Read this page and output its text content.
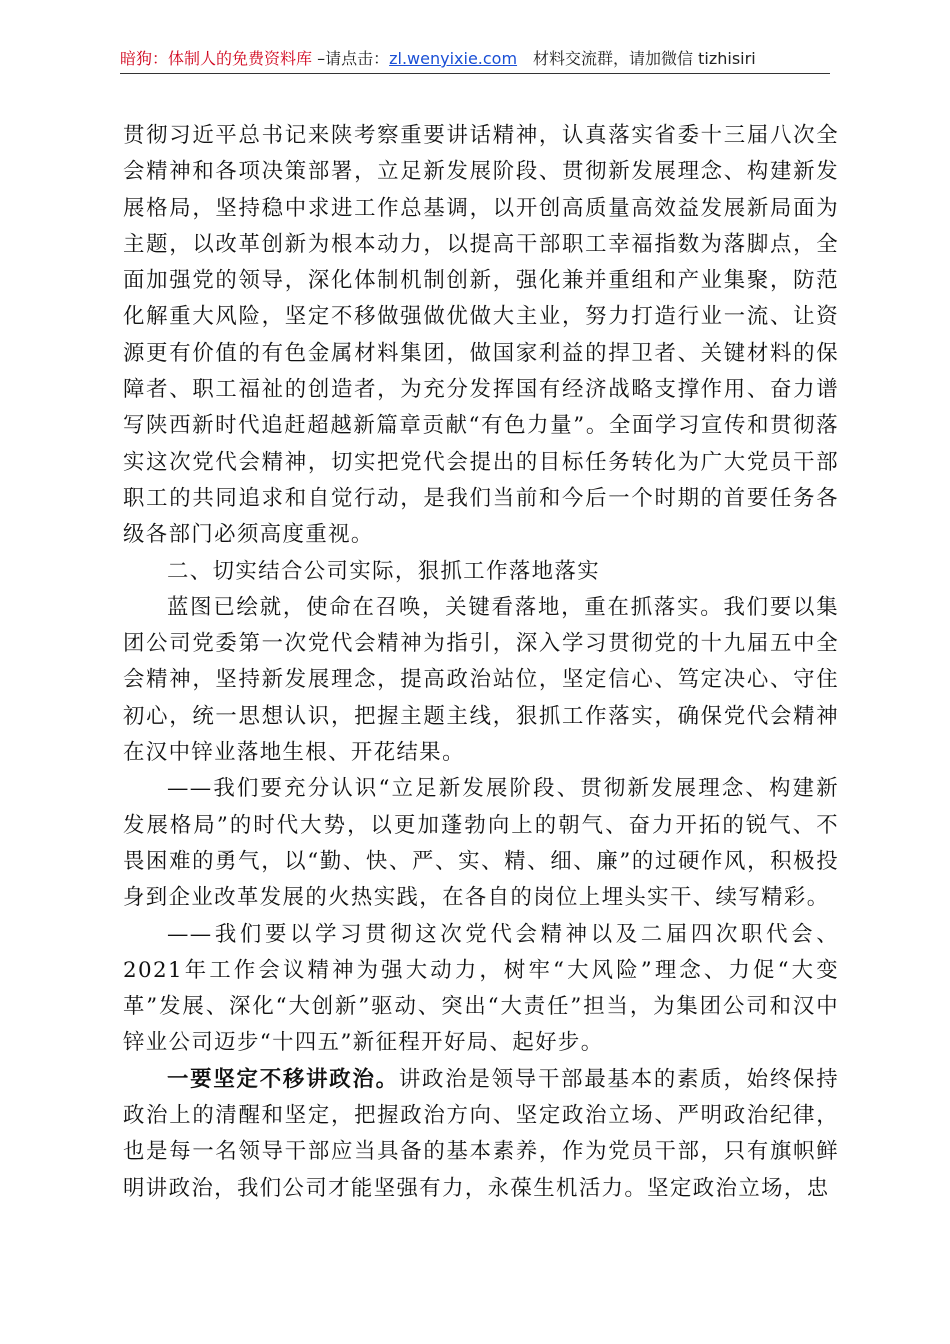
暗狗：体制人的免费资料库 –请点击：zl.wenyixie.com 材料交流群，请加微信 tizhisiri

贯彻习近平总书记来陕考察重要讲话精神，认真落实省委十三届八次全会精神和各项决策部署，立足新发展阶段、贯彻新发展理念、构建新发展格局，坚持稳中求进工作总基调，以开创高质量高效益发展新局面为主题，以改革创新为根本动力，以提高干部职工幸福指数为落脚点，全面加强党的领导，深化体制机制创新，强化兼并重组和产业集聚，防范化解重大风险，坚定不移做强做优做大主业，努力打造行业一流、让资源更有价值的有色金属材料集团，做国家利益的捍卫者、关键材料的保障者、职工福祉的创造者，为充分发挥国有经济战略支撑作用、奋力谱写陕西新时代追赶超越新篇章贡献“有色力量”。全面学习宣传和贯彻落实这次党代会精神，切实把党代会提出的目标任务转化为广大党员干部职工的共同追求和自觉行动，是我们当前和今后一个时期的首要任务各级各部门必须高度重视。

二、切实结合公司实际，狠抓工作落地落实

蓝图已绘就，使命在召唤，关键看落地，重在抓落实。我们要以集团公司党委第一次党代会精神为指引，深入学习贯彻党的十九届五中全会精神，坚持新发展理念，提高政治站位，坚定信心、笃定决心、守住初心，统一思想认识，把握主题主线，狠抓工作落实，确保党代会精神在汉中锌业落地生根、开花结果。

——我们要充分认识“立足新发展阶段、贯彻新发展理念、构建新发展格局”的时代大势，以更加蓬勃向上的朝气、奋力开拓的锐气、不畏困难的勇气，以“勤、快、严、实、精、细、廉”的过硬作风，积极投身到企业改革发展的火热实践，在各自的岗位上埋头实干、续写精彩。

——我们要以学习贯彻这次党代会精神以及二届四次职代会、2021年工作会议精神为强大动力，树牢“大风险”理念、力促“大变革”发展、深化“大创新”驱动、突出“大责任”担当，为集团公司和汉中锌业公司迈步“十四五”新征程开好局、起好步。

一要坚定不移讲政治。讲政治是领导干部最基本的素质，始终保持政治上的清醒和坚定，把握政治方向、坚定政治立场、严明政治纪律，也是每一名领导干部应当具备的基本素养，作为党员干部，只有旗帜鲜明讲政治，我们公司才能坚强有力，永葆生机活力。坚定政治立场，忠
